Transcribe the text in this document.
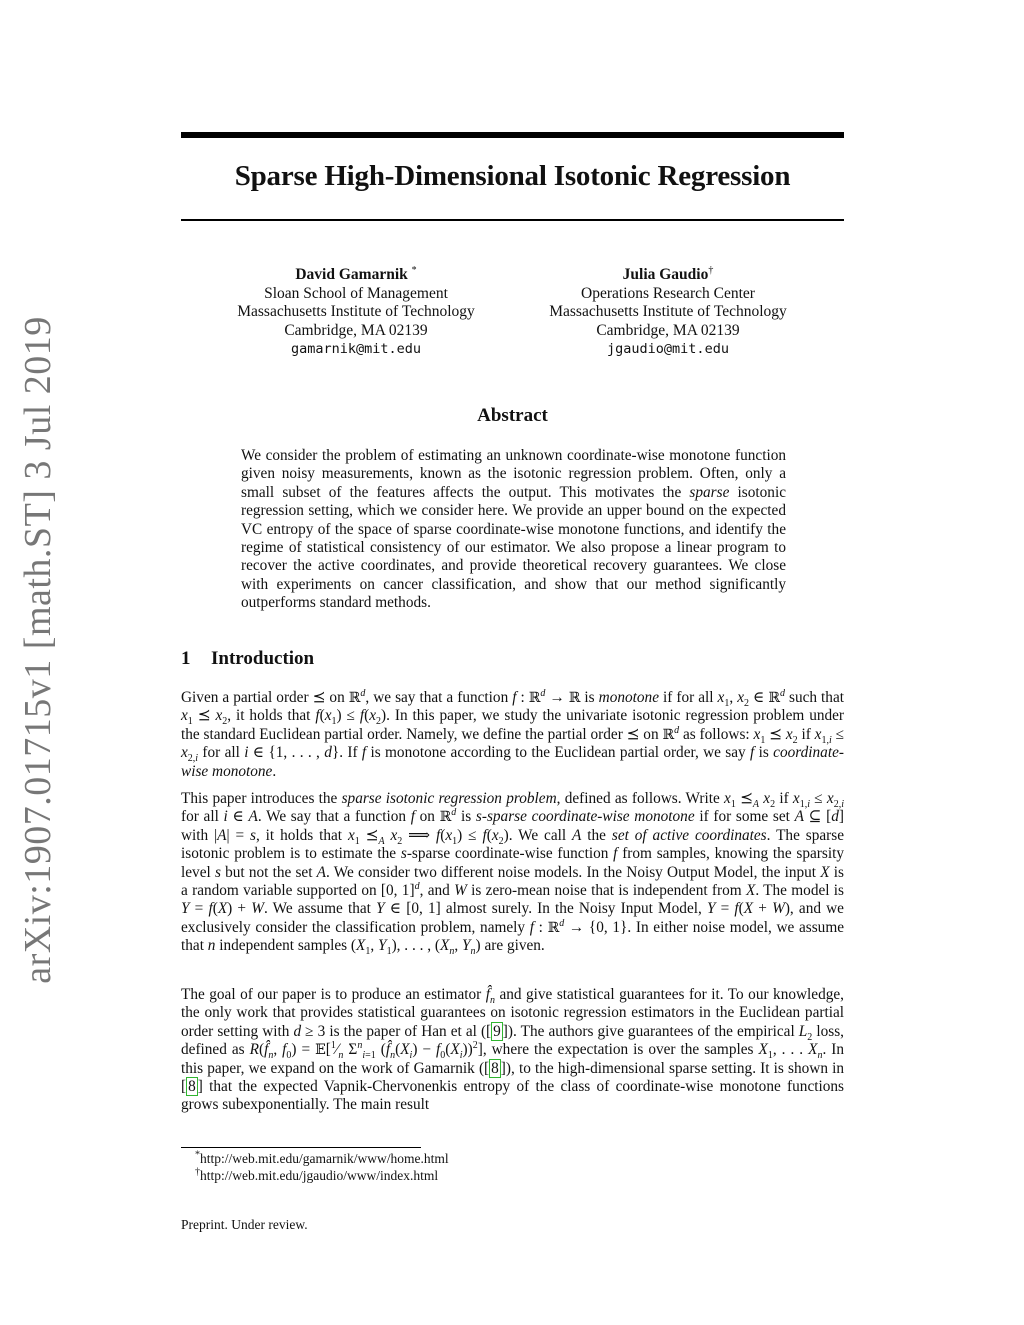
arXiv:1907.01715v1 [math.ST] 3 Jul 2019
Sparse High-Dimensional Isotonic Regression
David Gamarnik *
Sloan School of Management
Massachusetts Institute of Technology
Cambridge, MA 02139
gamarnik@mit.edu
Julia Gaudio†
Operations Research Center
Massachusetts Institute of Technology
Cambridge, MA 02139
jgaudio@mit.edu
Abstract
We consider the problem of estimating an unknown coordinate-wise monotone function given noisy measurements, known as the isotonic regression problem. Often, only a small subset of the features affects the output. This motivates the sparse isotonic regression setting, which we consider here. We provide an upper bound on the expected VC entropy of the space of sparse coordinate-wise monotone functions, and identify the regime of statistical consistency of our estimator. We also propose a linear program to recover the active coordinates, and provide theoretical recovery guarantees. We close with experiments on cancer classification, and show that our method significantly outperforms standard methods.
1 Introduction
Given a partial order ⪯ on ℝ$^d$, we say that a function f : ℝ$^d$ → ℝ is monotone if for all $x_1$, $x_2$ ∈ ℝ$^d$ such that $x_1$ ⪯ $x_2$, it holds that $f(x_1) \le f(x_2)$. In this paper, we study the univariate isotonic regression problem under the standard Euclidean partial order. Namely, we define the partial order ⪯ on ℝ$^d$ as follows: $x_1$ ⪯ $x_2$ if $x_{1,i} \le x_{2,i}$ for all i ∈ {1, . . . , d}. If f is monotone according to the Euclidean partial order, we say f is coordinate-wise monotone.
This paper introduces the sparse isotonic regression problem, defined as follows. Write $x_1$ $⪯_A$ $x_2$ if $x_{1,i} \le x_{2,i}$ for all i ∈ A. We say that a function f on ℝ$^d$ is s-sparse coordinate-wise monotone if for some set A ⊆ [d] with |A| = s, it holds that $x_1$ $⪯_A$ $x_2$ ⟹ $f(x_1) \le f(x_2)$. We call A the set of active coordinates. The sparse isotonic problem is to estimate the s-sparse coordinate-wise function f from samples, knowing the sparsity level s but not the set A. We consider two different noise models. In the Noisy Output Model, the input X is a random variable supported on [0, 1]$^d$, and W is zero-mean noise that is independent from X. The model is Y = f(X) + W. We assume that Y ∈ [0, 1] almost surely. In the Noisy Input Model, Y = f(X + W), and we exclusively consider the classification problem, namely f : ℝ$^d$ → {0, 1}. In either noise model, we assume that n independent samples ($X_1$, $Y_1$), . . . , ($X_n$, $Y_n$) are given.
The goal of our paper is to produce an estimator $f̂_n$ and give statistical guarantees for it. To our knowledge, the only work that provides statistical guarantees on isotonic regression estimators in the Euclidean partial order setting with d ≥ 3 is the paper of Han et al ([ 9 ]). The authors give guarantees of the empirical $L_2$ loss, defined as $R(f̂_n$, $f_0$) = $𝔼[^1⁄_n$ $\Sigma^n_{i=1}$ $(f̂_n(X_i) - f_0(X_i))^2$], where the expectation is over the samples $X_1$, . . . $X_n$. In this paper, we expand on the work of Gamarnik ([ 8 ]), to the high-dimensional sparse setting. It is shown in [ 8 ] that the expected Vapnik-Chervonenkis entropy of the class of coordinate-wise monotone functions grows subexponentially. The main result
*http://web.mit.edu/gamarnik/www/home.html
†http://web.mit.edu/jgaudio/www/index.html
Preprint. Under review.
